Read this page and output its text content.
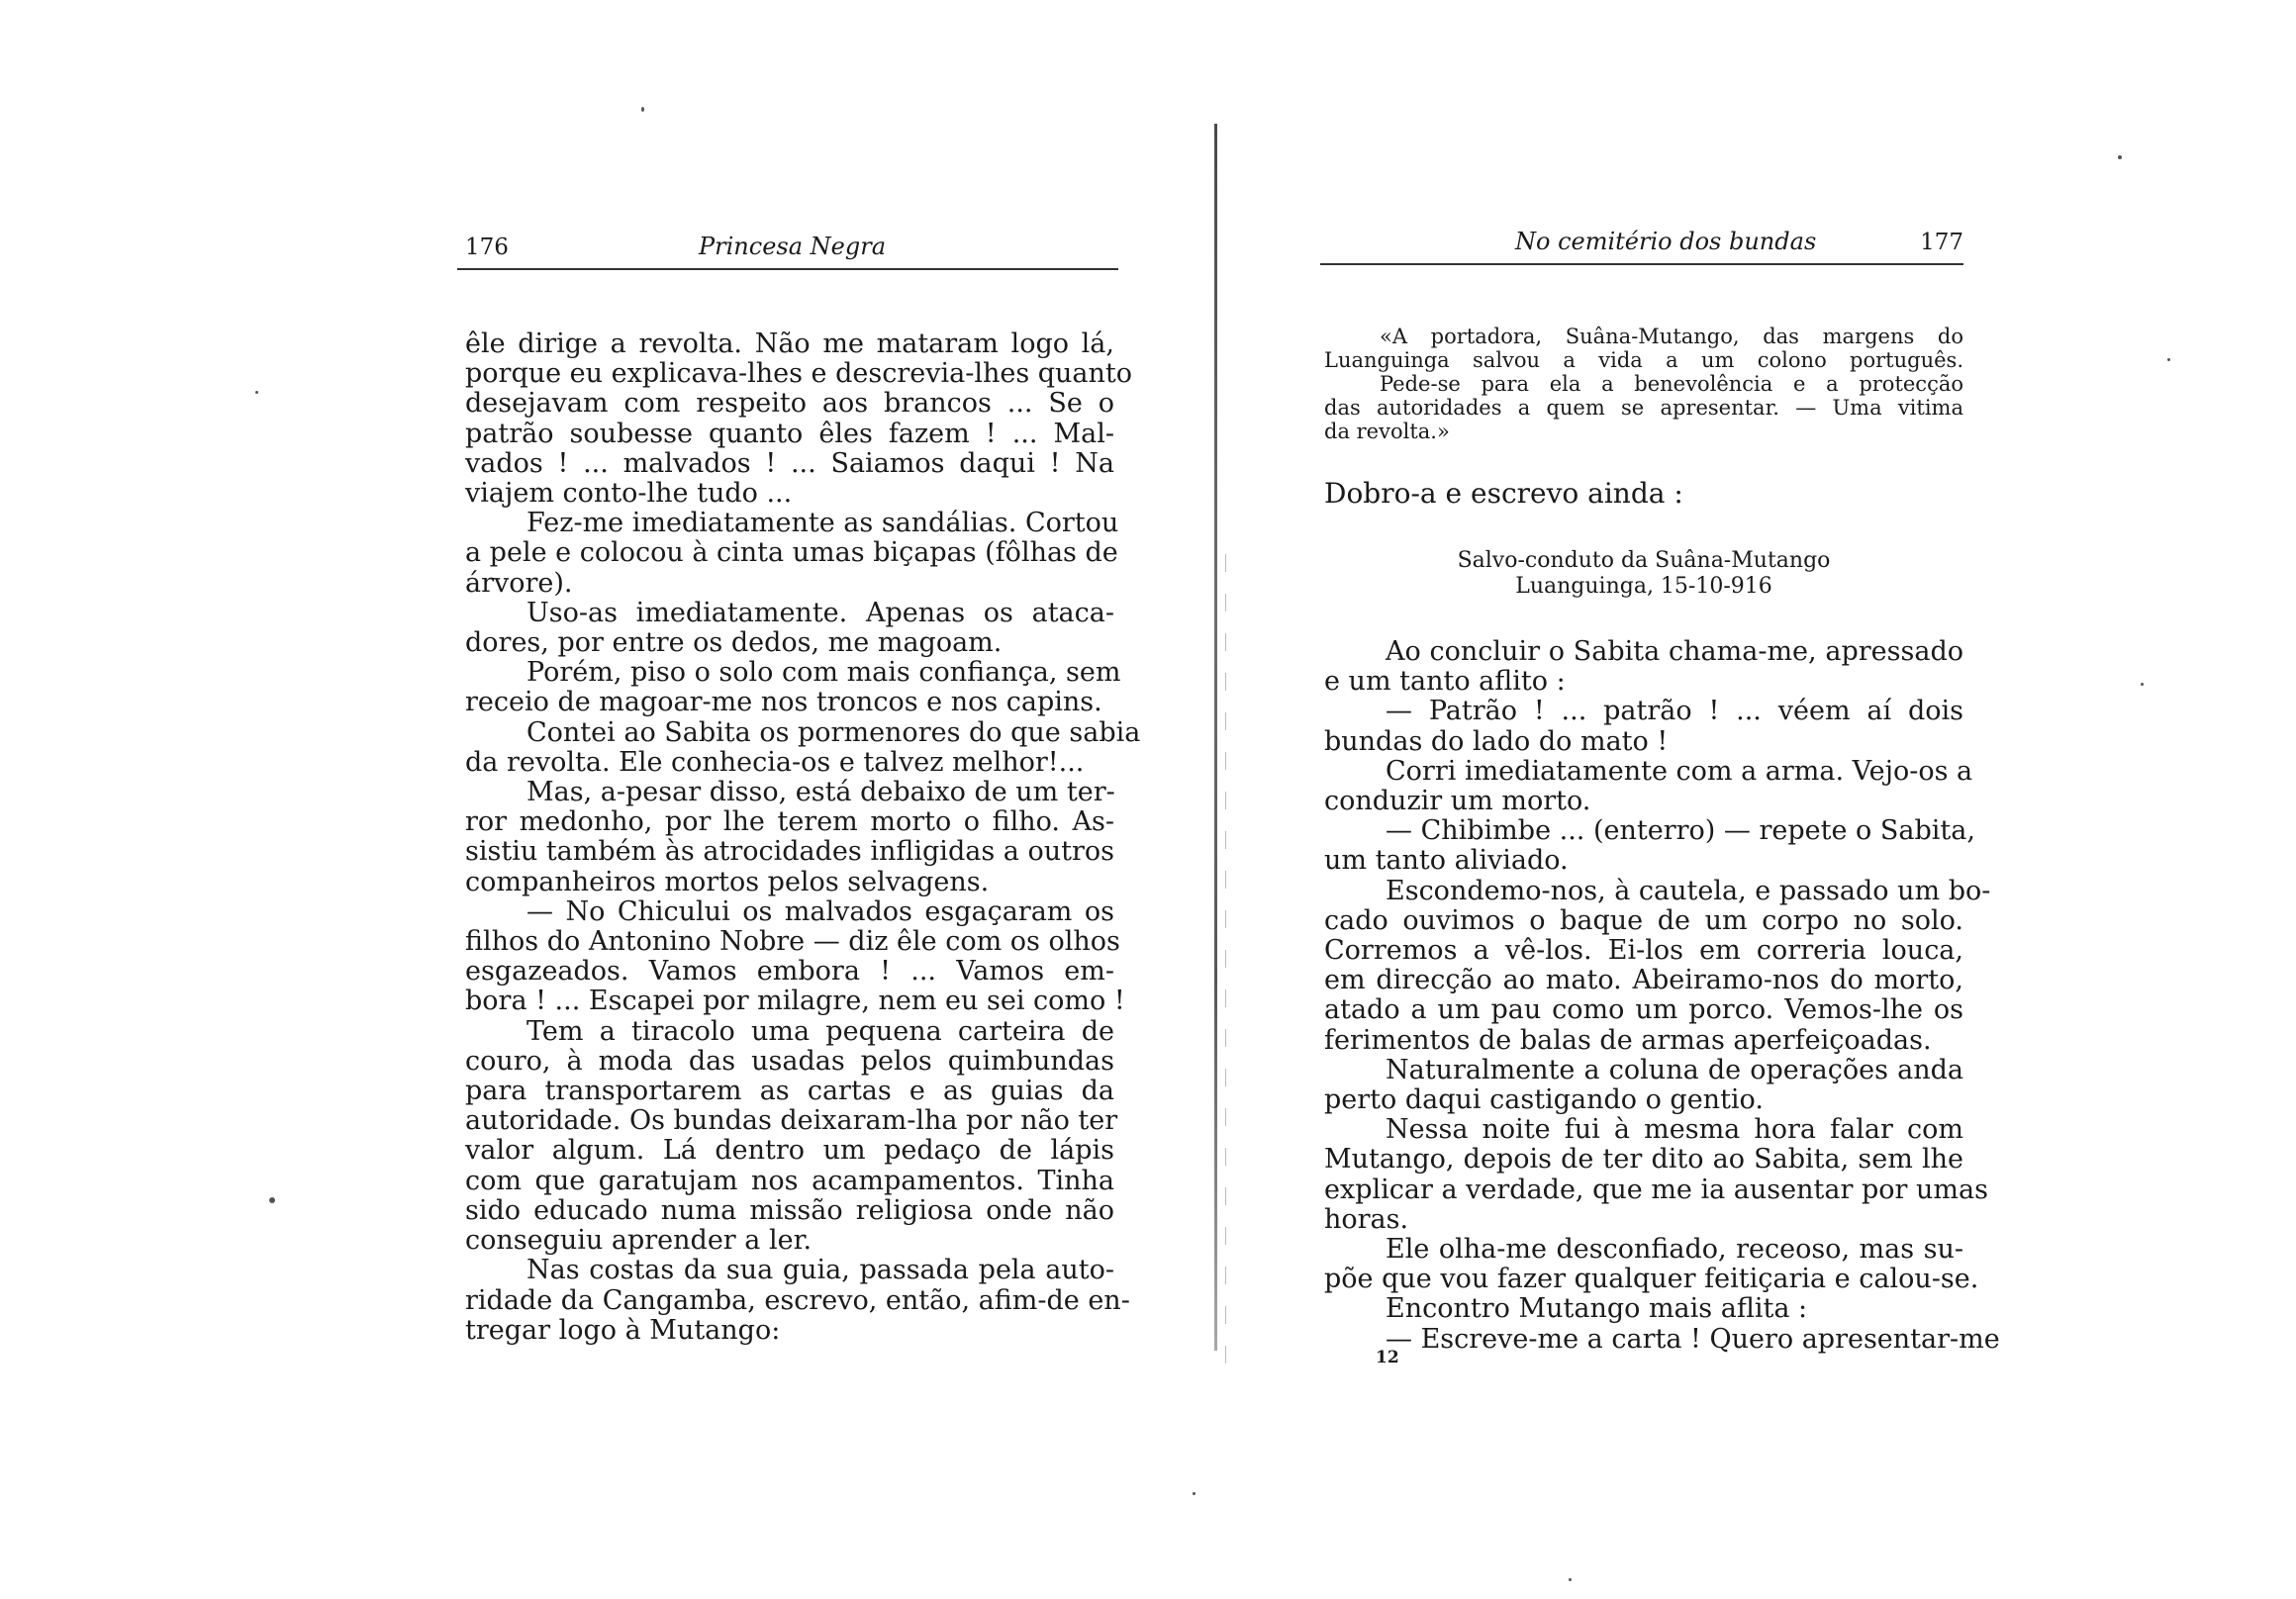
176	Princesa Negra
êle dirige a revolta. Não me mataram logo lá,
porque eu explicava-lhes e descrevia-lhes quanto
desejavam com respeito aos brancos ... Se o
patrão soubesse quanto êles fazem ! ... Mal-
vados ! ... malvados ! ... Saiamos daqui ! Na
viajem conto-lhe tudo ...
Fez-me imediatamente as sandálias. Cortou
a pele e colocou à cinta umas biçapas (fôlhas de
árvore).
Uso-as imediatamente. Apenas os ataca-
dores, por entre os dedos, me magoam.
Porém, piso o solo com mais confiança, sem
receio de magoar-me nos troncos e nos capins.
Contei ao Sabita os pormenores do que sabia
da revolta. Ele conhecia-os e talvez melhor!...
Mas, a-pesar disso, está debaixo de um ter-
ror medonho, por lhe terem morto o filho. As-
sistiu também às atrocidades infligidas a outros
companheiros mortos pelos selvagens.
— No Chicului os malvados esgaçaram os
filhos do Antonino Nobre — diz êle com os olhos
esgazeados. Vamos embora ! ... Vamos em-
bora ! ... Escapei por milagre, nem eu sei como !
Tem a tiracolo uma pequena carteira de
couro, à moda das usadas pelos quimbundas
para transportarem as cartas e as guias da
autoridade. Os bundas deixaram-lha por não ter
valor algum. Lá dentro um pedaço de lápis
com que garatujam nos acampamentos. Tinha
sido educado numa missão religiosa onde não
conseguiu aprender a ler.
Nas costas da sua guia, passada pela auto-
ridade da Cangamba, escrevo, então, afim-de en-
tregar logo à Mutango:
No cemitério dos bundas	177
«A portadora, Suâna-Mutango, das margens do
Luanguinga salvou a vida a um colono português.
Pede-se para ela a benevolência e a protecção
das autoridades a quem se apresentar. — Uma vitima
da revolta.»
Dobro-a e escrevo ainda :
Salvo-conduto da Suâna-Mutango
Luanguinga, 15-10-916
Ao concluir o Sabita chama-me, apressado
e um tanto aflito :
— Patrão ! ... patrão ! ... véem aí dois
bundas do lado do mato !
Corri imediatamente com a arma. Vejo-os a
conduzir um morto.
— Chibimbe ... (enterro) — repete o Sabita,
um tanto aliviado.
Escondemo-nos, à cautela, e passado um bo-
cado ouvimos o baque de um corpo no solo.
Corremos a vê-los. Ei-los em correria louca,
em direcção ao mato. Abeiramo-nos do morto,
atado a um pau como um porco. Vemos-lhe os
ferimentos de balas de armas aperfeiçoadas.
Naturalmente a coluna de operações anda
perto daqui castigando o gentio.
Nessa noite fui à mesma hora falar com
Mutango, depois de ter dito ao Sabita, sem lhe
explicar a verdade, que me ia ausentar por umas
horas.
Ele olha-me desconfiado, receoso, mas su-
põe que vou fazer qualquer feitiçaria e calou-se.
Encontro Mutango mais aflita :
— Escreve-me a carta ! Quero apresentar-me
12
